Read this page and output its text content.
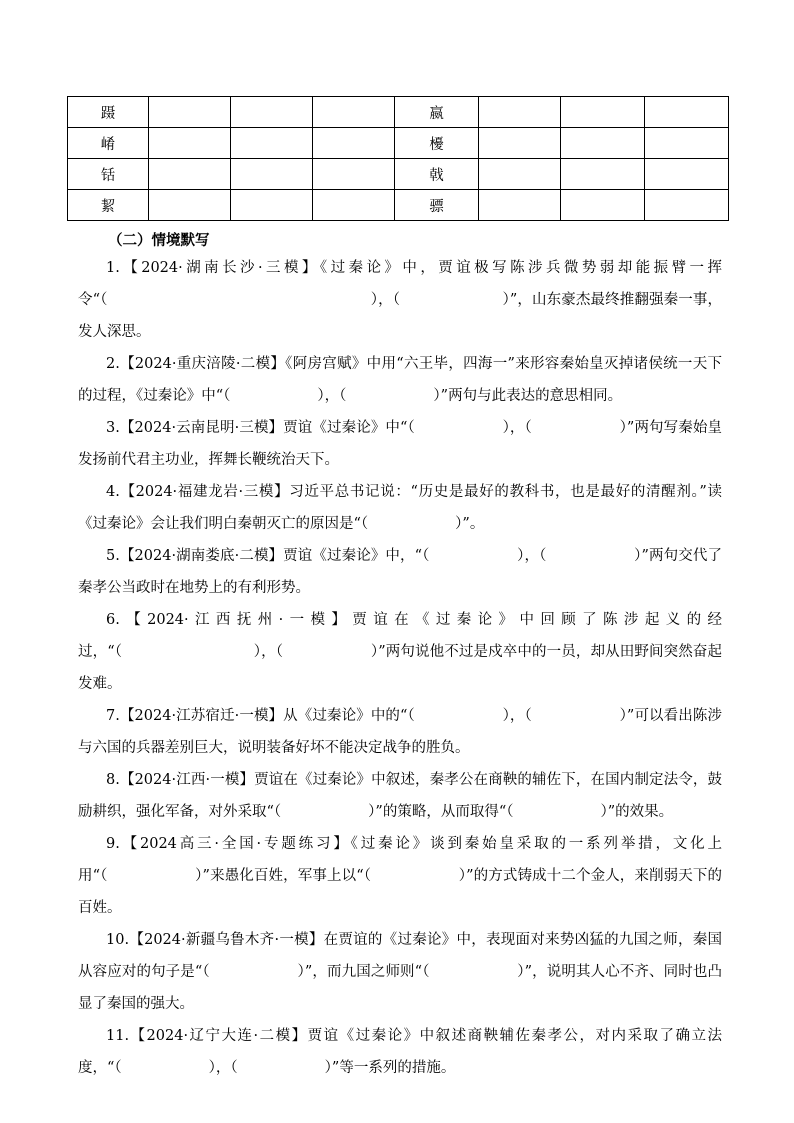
蹑				嬴			
崤				櫌			
铦				戟			
絜				骠			
（二）情境默写

1.【2024·湖南长沙·三模】《过秦论》中，贾谊极写陈涉兵微势弱却能振臂一挥令“（　　　　　　　　　　　　　　　　　　），（　　　　　　　）”，山东豪杰最终推翻强秦一事，发人深思。

2.【2024·重庆涪陵·二模】《阿房宫赋》中用“六王毕，四海一”来形容秦始皇灭掉诸侯统一天下的过程，《过秦论》中“（　　　　　　），（　　　　　　）”两句与此表达的意思相同。

3.【2024·云南昆明·三模】贾谊《过秦论》中“（　　　　　　），（　　　　　　）”两句写秦始皇发扬前代君主功业，挥舞长鞭统治天下。

4.【2024·福建龙岩·三模】习近平总书记说：“历史是最好的教科书，也是最好的清醒剂。”读《过秦论》会让我们明白秦朝灭亡的原因是“（　　　　　　）”。

5.【2024·湖南娄底·二模】贾谊《过秦论》中，“（　　　　　　），（　　　　　　）”两句交代了秦孝公当政时在地势上的有利形势。

6.【2024·江西抚州·一模】贾谊在《过秦论》中回顾了陈涉起义的经过，“（　　　　　　　　　），（　　　　　　）”两句说他不过是戍卒中的一员，却从田野间突然奋起发难。

7.【2024·江苏宿迁·一模】从《过秦论》中的“（　　　　　　），（　　　　　　）”可以看出陈涉与六国的兵器差别巨大，说明装备好坏不能决定战争的胜负。

8.【2024·江西·一模】贾谊在《过秦论》中叙述，秦孝公在商鞅的辅佐下，在国内制定法令，鼓励耕织，强化军备，对外采取“（　　　　　　）”的策略，从而取得“（　　　　　　）”的效果。

9.【2024高三·全国·专题练习】《过秦论》谈到秦始皇采取的一系列举措，文化上用“（　　　　　　）”来愚化百姓，军事上以“（　　　　　　）”的方式铸成十二个金人，来削弱天下的百姓。

10.【2024·新疆乌鲁木齐·一模】在贾谊的《过秦论》中，表现面对来势凶猛的九国之师，秦国从容应对的句子是“（　　　　　　）”，而九国之师则“（　　　　　　）”，说明其人心不齐、同时也凸显了秦国的强大。

11.【2024·辽宁大连·二模】贾谊《过秦论》中叙述商鞅辅佐秦孝公，对内采取了确立法度，“（　　　　　　），（　　　　　　）”等一系列的措施。
